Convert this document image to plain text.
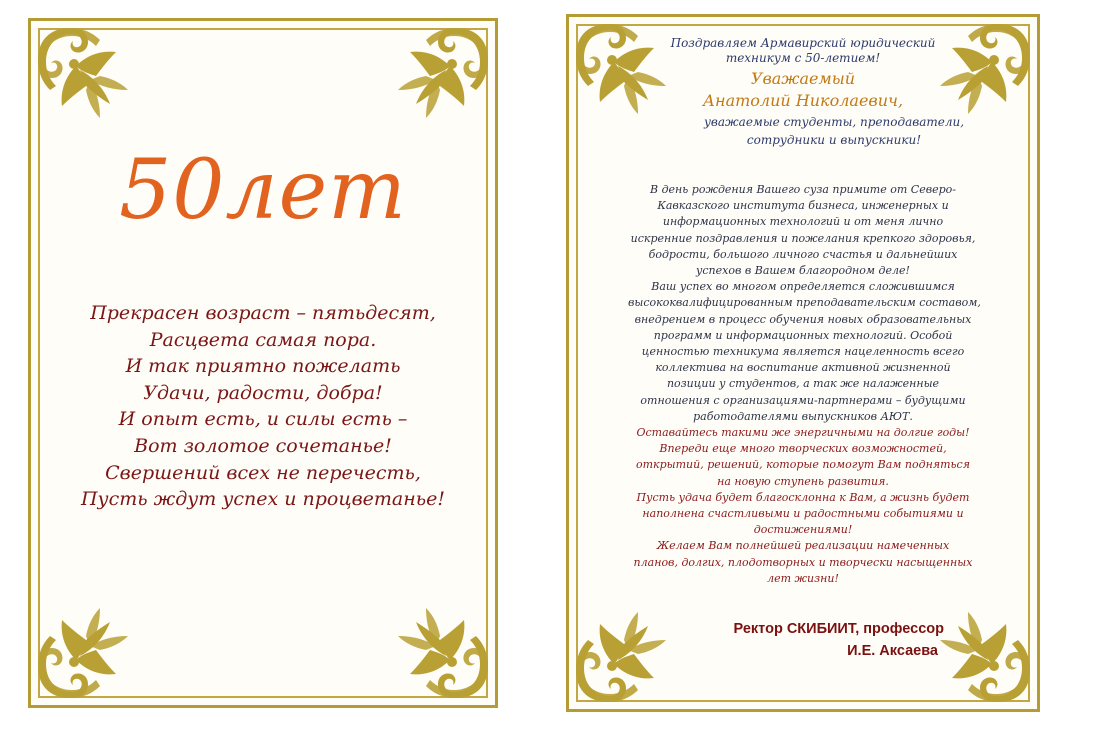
50лет
Прекрасен возраст – пятьдесят,
Расцвета самая пора.
И так приятно пожелать
Удачи, радости, добра!
И опыт есть, и силы есть –
Вот золотое сочетанье!
Свершений всех не перечесть,
Пусть ждут успех и процветанье!
Поздравляем Армавирский юридический
техникум с 50-летием!
Уважаемый
Анатолий Николаевич,
уважаемые студенты, преподаватели,
сотрудники и выпускники!
В день рождения Вашего суза примите от Северо-
Кавказского института бизнеса, инженерных и
информационных технологий и от меня лично
искренние поздравления и пожелания крепкого здоровья,
бодрости, большого личного счастья и дальнейших
успехов в Вашем благородном деле!
Ваш успех во многом определяется сложившимся
высококвалифицированным преподавательским составом,
внедрением в процесс обучения новых образовательных
программ и информационных технологий. Особой
ценностью техникума является нацеленность всего
коллектива на воспитание активной жизненной
позиции у студентов, а так же налаженные
отношения с организациями-партнерами – будущими
работодателями выпускников АЮТ.
Оставайтесь такими же энергичными на долгие годы!
Впереди еще много творческих возможностей,
открытий, решений, которые помогут Вам подняться
на новую ступень развития.
Пусть удача будет благосклонна к Вам, а жизнь будет
наполнена счастливыми и радостными событиями и
достижениями!
Желаем Вам полнейшей реализации намеченных
планов, долгих, плодотворных и творчески насыщенных
лет жизни!
Ректор СКИБИИТ, профессор
И.Е. Аксаева
